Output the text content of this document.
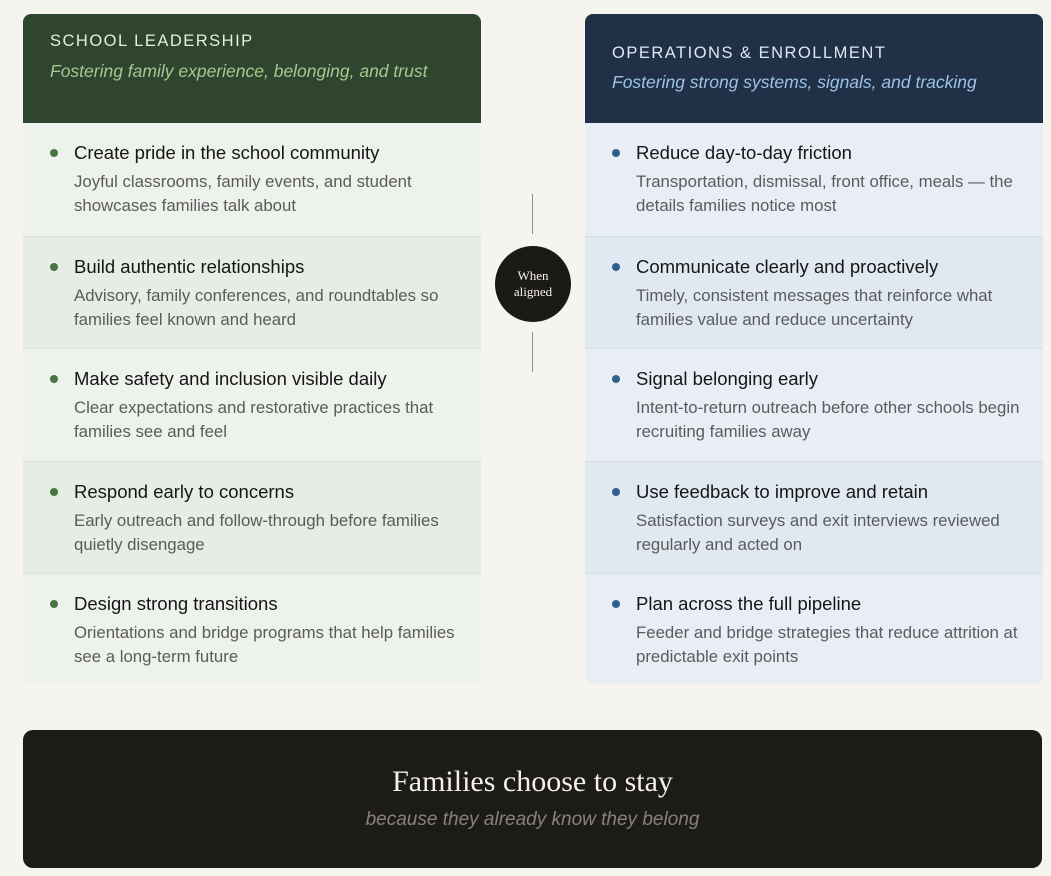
SCHOOL LEADERSHIP
Fostering family experience, belonging, and trust
Create pride in the school community
Joyful classrooms, family events, and student showcases families talk about
Build authentic relationships
Advisory, family conferences, and roundtables so families feel known and heard
Make safety and inclusion visible daily
Clear expectations and restorative practices that families see and feel
Respond early to concerns
Early outreach and follow-through before families quietly disengage
Design strong transitions
Orientations and bridge programs that help families see a long-term future
When
aligned
OPERATIONS & ENROLLMENT
Fostering strong systems, signals, and tracking
Reduce day-to-day friction
Transportation, dismissal, front office, meals — the details families notice most
Communicate clearly and proactively
Timely, consistent messages that reinforce what families value and reduce uncertainty
Signal belonging early
Intent-to-return outreach before other schools begin recruiting families away
Use feedback to improve and retain
Satisfaction surveys and exit interviews reviewed regularly and acted on
Plan across the full pipeline
Feeder and bridge strategies that reduce attrition at predictable exit points
Families choose to stay
because they already know they belong
